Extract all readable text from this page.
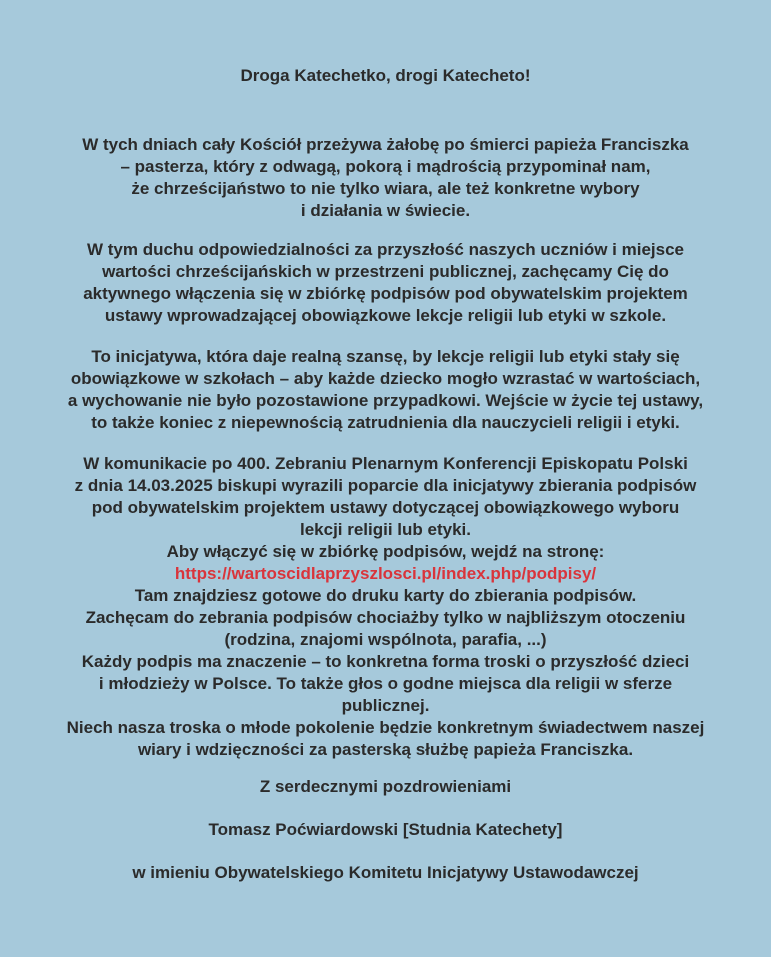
Droga Katechetko, drogi Katecheto!
W tych dniach cały Kościół przeżywa żałobę po śmierci papieża Franciszka
– pasterza, który z odwagą, pokorą i mądrością przypominał nam,
że chrześcijaństwo to nie tylko wiara, ale też konkretne wybory
i działania w świecie.
W tym duchu odpowiedzialności za przyszłość naszych uczniów i miejsce
wartości chrześcijańskich w przestrzeni publicznej, zachęcamy Cię do
aktywnego włączenia się w zbiórkę podpisów pod obywatelskim projektem
ustawy wprowadzającej obowiązkowe lekcje religii lub etyki w szkole.
To inicjatywa, która daje realną szansę, by lekcje religii lub etyki stały się
obowiązkowe w szkołach – aby każde dziecko mogło wzrastać w wartościach,
a wychowanie nie było pozostawione przypadkowi. Wejście w życie tej ustawy,
to także koniec z niepewnością zatrudnienia dla nauczycieli religii i etyki.
W komunikacie po 400. Zebraniu Plenarnym Konferencji Episkopatu Polski
z dnia 14.03.2025 biskupi wyrazili poparcie dla inicjatywy zbierania podpisów
pod obywatelskim projektem ustawy dotyczącej obowiązkowego wyboru
lekcji religii lub etyki.
Aby włączyć się w zbiórkę podpisów, wejdź na stronę:
https://wartoscidlaprzyszlosci.pl/index.php/podpisy/
Tam znajdziesz gotowe do druku karty do zbierania podpisów.
Zachęcam do zebrania podpisów chociażby tylko w najbliższym otoczeniu
(rodzina, znajomi wspólnota, parafia, ...)
Każdy podpis ma znaczenie – to konkretna forma troski o przyszłość dzieci
i młodzieży w Polsce. To także głos o godne miejsca dla religii w sferze
publicznej.
Niech nasza troska o młode pokolenie będzie konkretnym świadectwem naszej
wiary i wdzięczności za pasterską służbę papieża Franciszka.
Z serdecznymi pozdrowieniami
Tomasz Poćwiardowski [Studnia Katechety]
w imieniu Obywatelskiego Komitetu Inicjatywy Ustawodawczej
